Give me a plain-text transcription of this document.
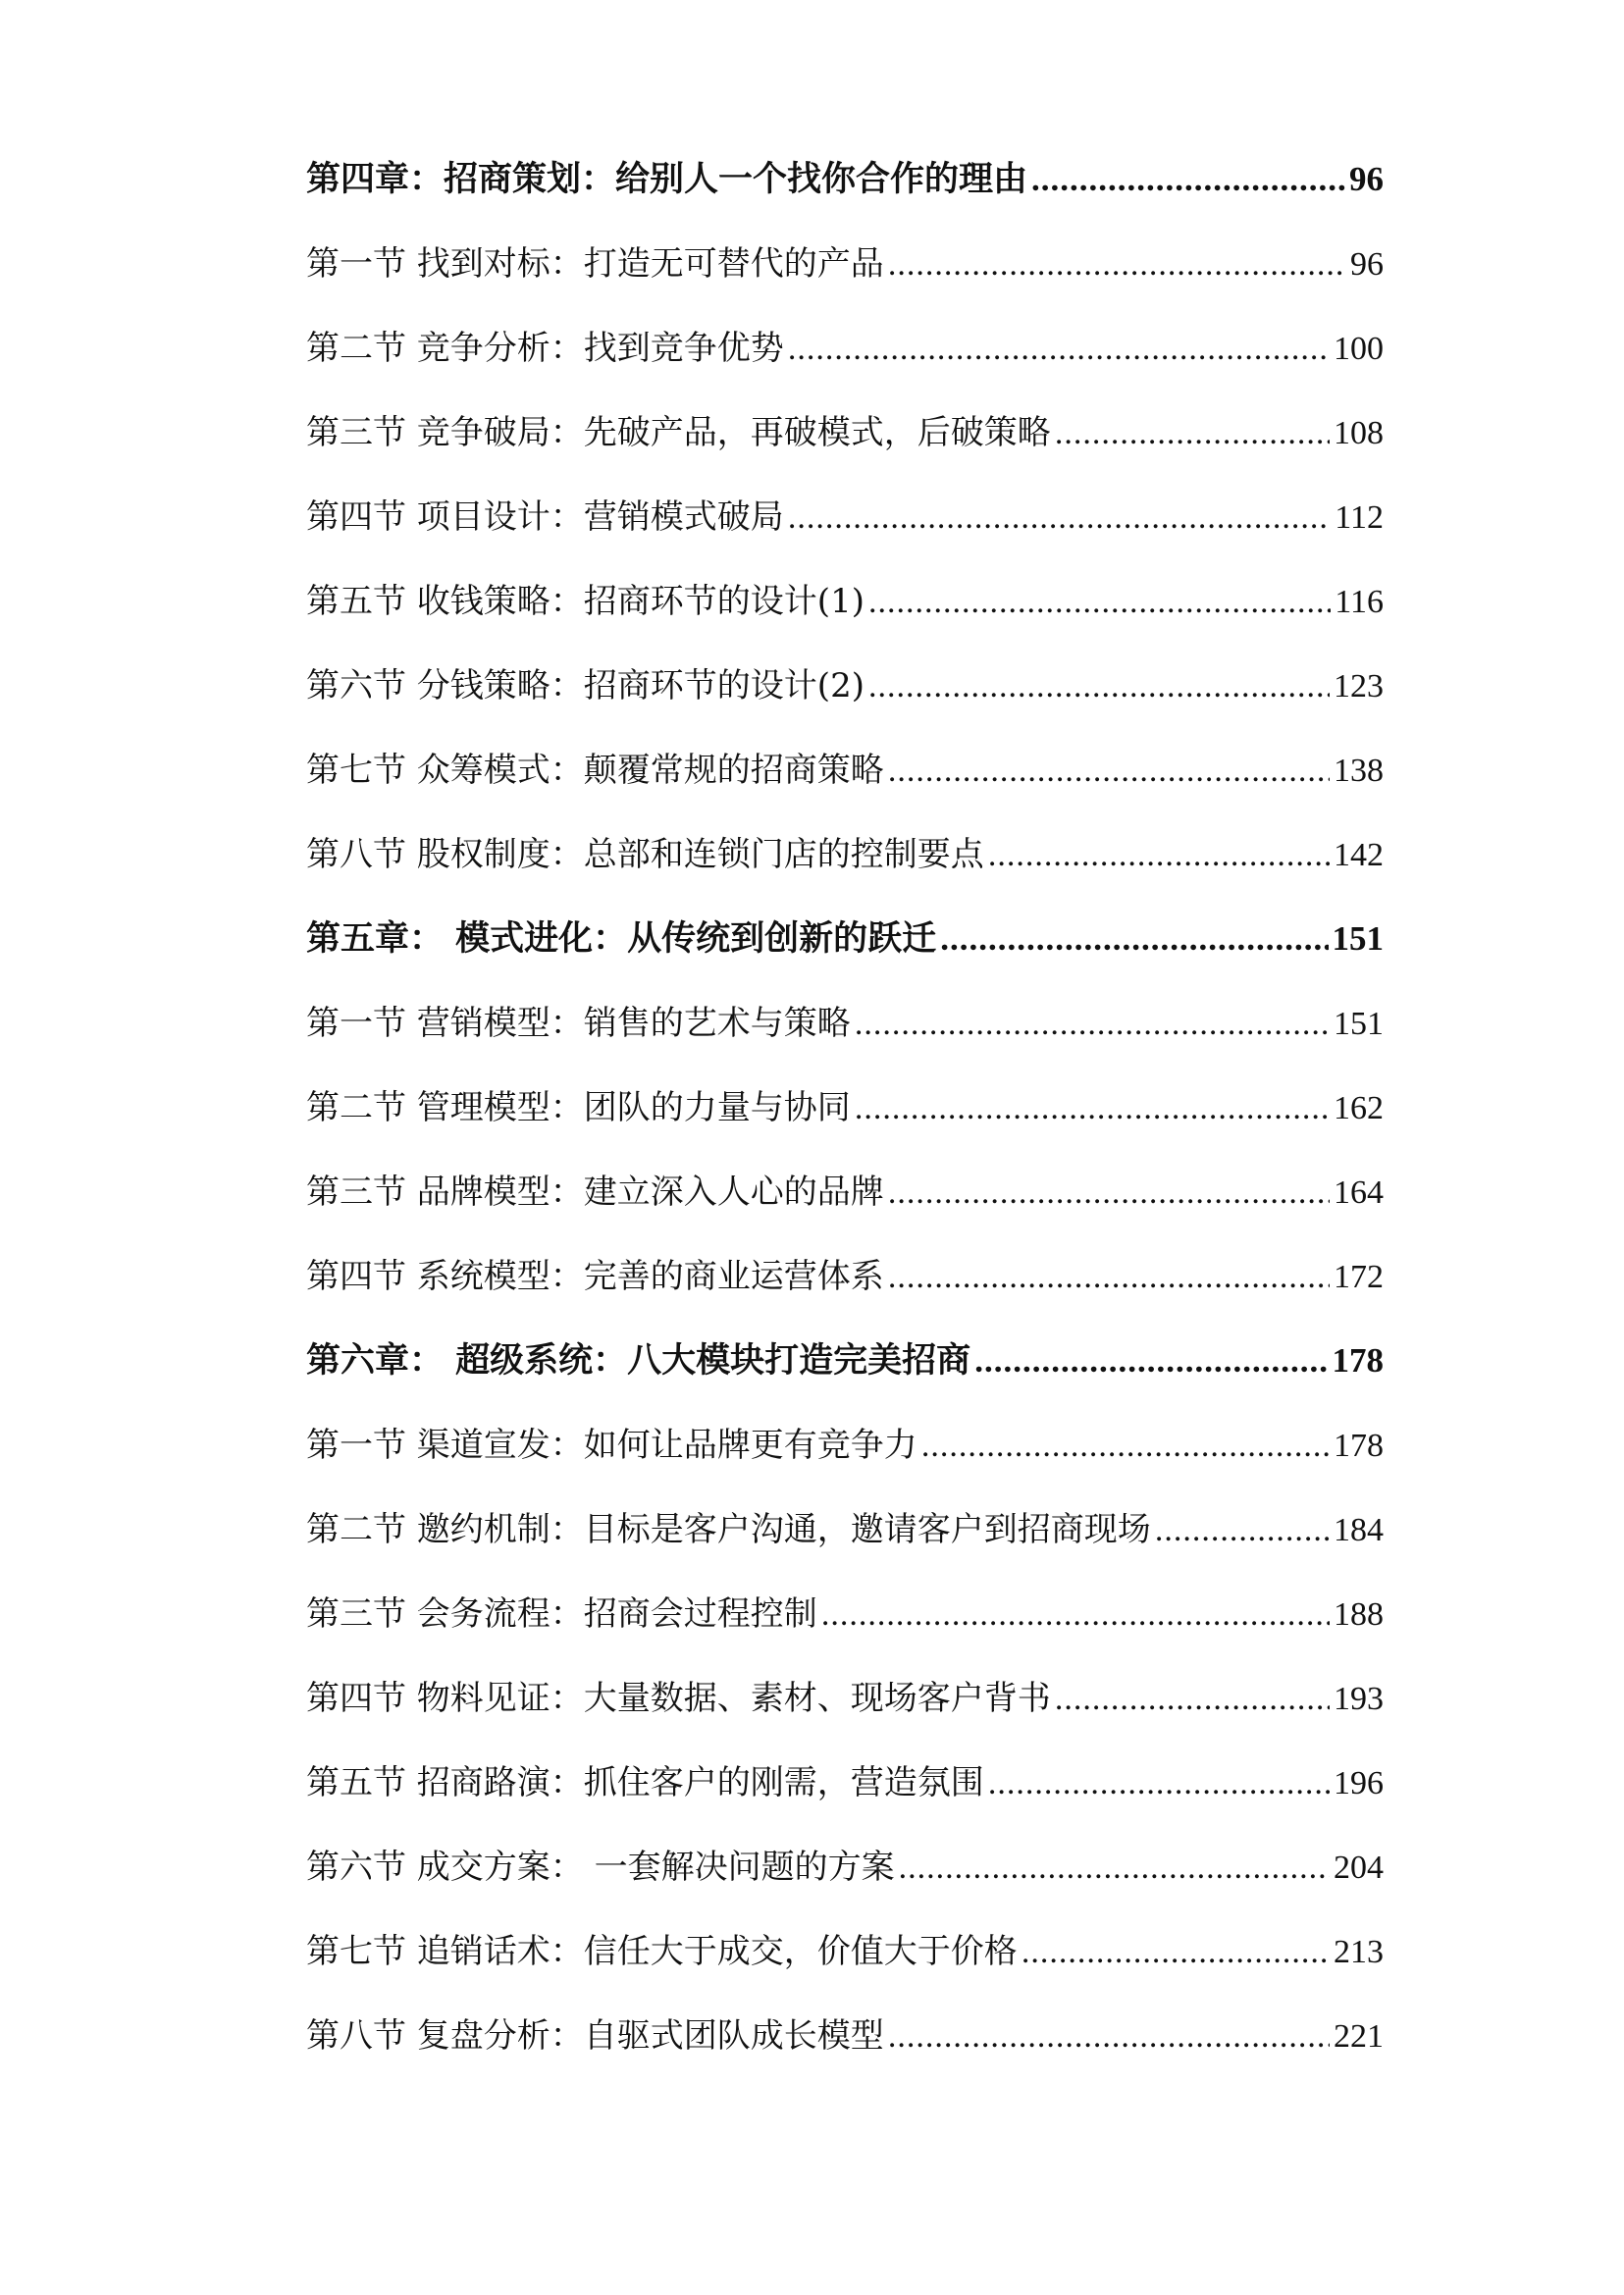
第四章：招商策划：给别人一个找你合作的理由 .....	96
第一节 找到对标：打造无可替代的产品 .....	96
第二节 竞争分析：找到竞争优势 .....	100
第三节 竞争破局：先破产品，再破模式，后破策略 .....	108
第四节 项目设计：营销模式破局 .....	112
第五节 收钱策略：招商环节的设计(1) .....	116
第六节 分钱策略：招商环节的设计(2) .....	123
第七节 众筹模式：颠覆常规的招商策略 .....	138
第八节 股权制度：总部和连锁门店的控制要点 .....	142
第五章： 模式进化：从传统到创新的跃迁 .....	151
第一节 营销模型：销售的艺术与策略 .....	151
第二节 管理模型：团队的力量与协同 .....	162
第三节 品牌模型：建立深入人心的品牌 .....	164
第四节 系统模型：完善的商业运营体系 .....	172
第六章： 超级系统：八大模块打造完美招商 .....	178
第一节 渠道宣发：如何让品牌更有竞争力 .....	178
第二节 邀约机制：目标是客户沟通，邀请客户到招商现场 .....	184
第三节 会务流程：招商会过程控制 .....	188
第四节 物料见证：大量数据、素材、现场客户背书 .....	193
第五节 招商路演：抓住客户的刚需，营造氛围 .....	196
第六节 成交方案： 一套解决问题的方案 .....	204
第七节 追销话术：信任大于成交，价值大于价格 .....	213
第八节 复盘分析：自驱式团队成长模型 .....	221
